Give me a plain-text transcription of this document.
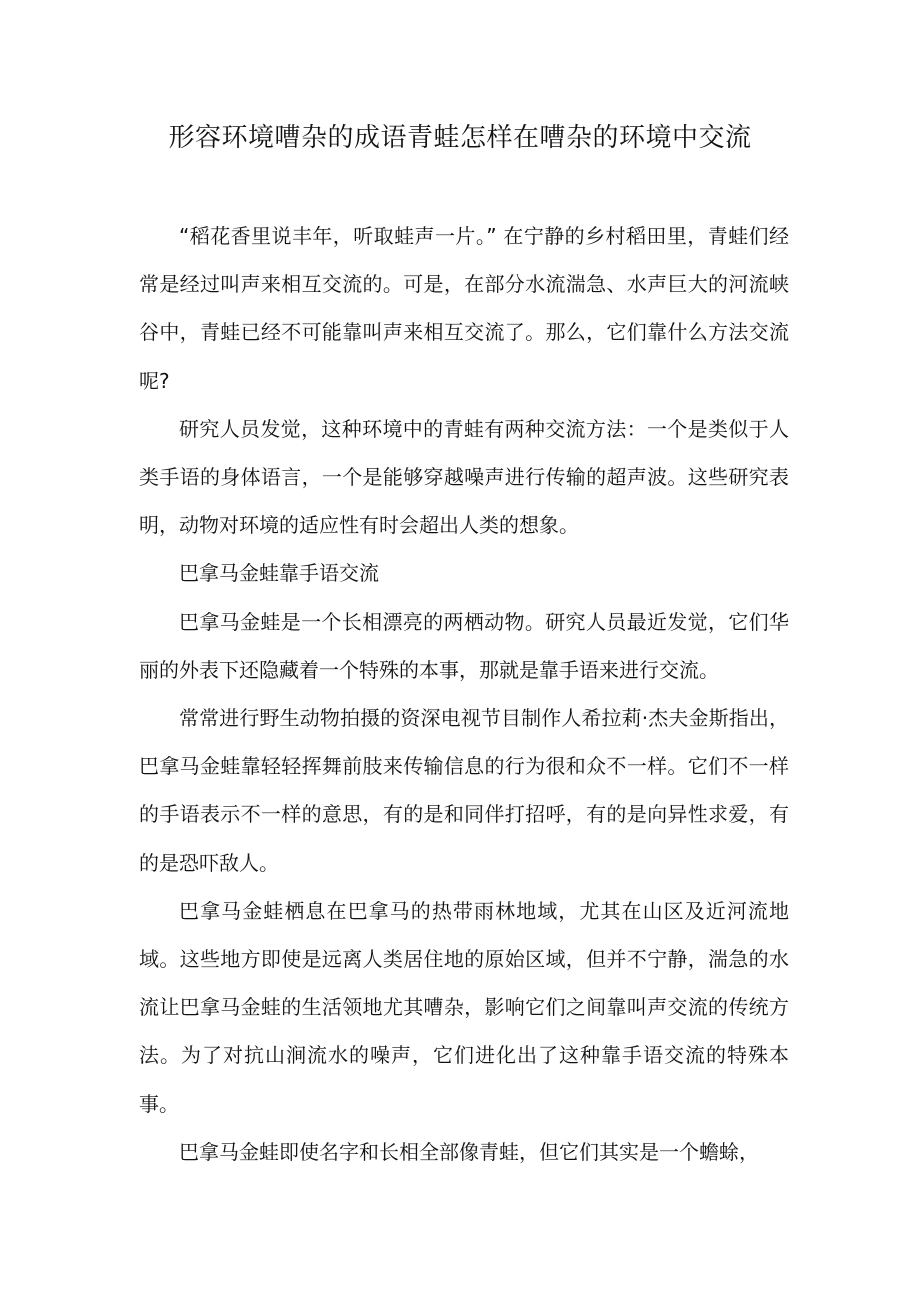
形容环境嘈杂的成语青蛙怎样在嘈杂的环境中交流

“稻花香里说丰年，听取蛙声一片。” 在宁静的乡村稻田里，青蛙们经常是经过叫声来相互交流的。可是，在部分水流湍急、水声巨大的河流峡谷中，青蛙已经不可能靠叫声来相互交流了。那么，它们靠什么方法交流呢?

研究人员发觉，这种环境中的青蛙有两种交流方法：一个是类似于人类手语的身体语言，一个是能够穿越噪声进行传输的超声波。这些研究表明，动物对环境的适应性有时会超出人类的想象。

巴拿马金蛙靠手语交流

巴拿马金蛙是一个长相漂亮的两栖动物。研究人员最近发觉，它们华丽的外表下还隐藏着一个特殊的本事，那就是靠手语来进行交流。

常常进行野生动物拍摄的资深电视节目制作人希拉莉·杰夫金斯指出，巴拿马金蛙靠轻轻挥舞前肢来传输信息的行为很和众不一样。它们不一样的手语表示不一样的意思，有的是和同伴打招呼，有的是向异性求爱，有的是恐吓敌人。

巴拿马金蛙栖息在巴拿马的热带雨林地域，尤其在山区及近河流地域。这些地方即使是远离人类居住地的原始区域，但并不宁静，湍急的水流让巴拿马金蛙的生活领地尤其嘈杂，影响它们之间靠叫声交流的传统方法。为了对抗山涧流水的噪声，它们进化出了这种靠手语交流的特殊本事。

巴拿马金蛙即使名字和长相全部像青蛙，但它们其实是一个蟾蜍，
